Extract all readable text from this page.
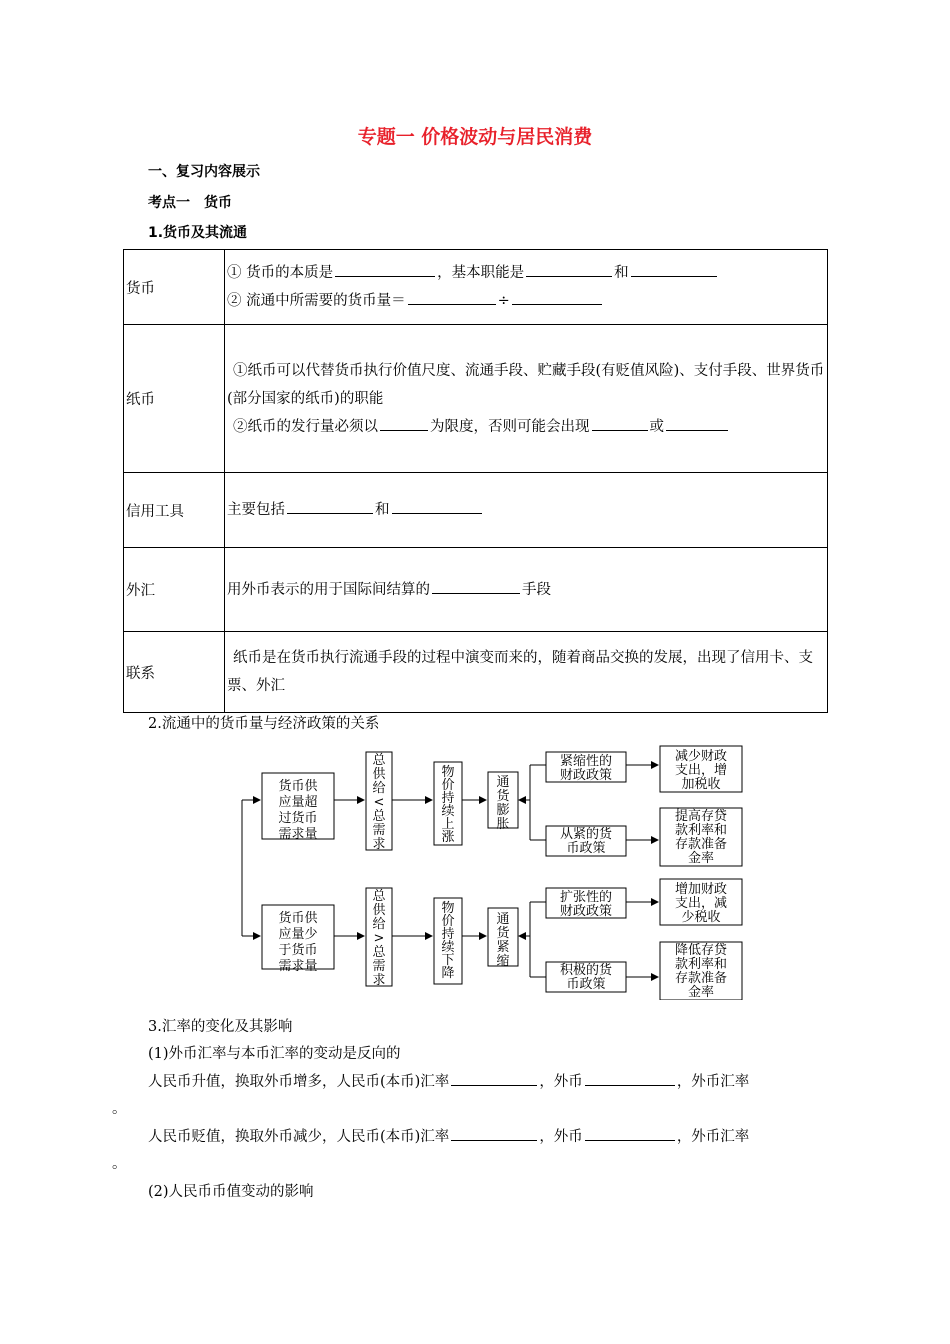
专题一 价格波动与居民消费
一、复习内容展示
考点一　货币
1.货币及其流通
货币	① 货币的本质是 ，基本职能是 和
② 流通中所需要的货币量＝ ÷

纸币	①纸币可以代替货币执行价值尺度、流通手段、贮藏手段(有贬值风险)、支付手段、世界货币(部分国家的纸币)的职能
②纸币的发行量必须以 为限度，否则可能会出现 或

信用工具	主要包括 和

外汇	用外币表示的用于国际间结算的 手段

联系	纸币是在货币执行流通手段的过程中演变而来的，随着商品交换的发展，出现了信用卡、支票、外汇
2.流通中的货币量与经济政策的关系
货币供应量超过货币需求量
总供给<总需求
物价持续上涨
通货膨胀
紧缩性的财政政策
从紧的货币政策
减少财政支出，增加税收
提高存贷款利率和存款准备金率
货币供应量少于货币需求量
总供给>总需求
物价持续下降
通货紧缩
扩张性的财政政策
积极的货币政策
增加财政支出，减少税收
降低存贷款利率和存款准备金率
3.汇率的变化及其影响
(1)外币汇率与本币汇率的变动是反向的
人民币升值，换取外币增多，人民币(本币)汇率	，外币	，外币汇率
。
人民币贬值，换取外币减少，人民币(本币)汇率	，外币	，外币汇率
。
(2)人民币币值变动的影响
